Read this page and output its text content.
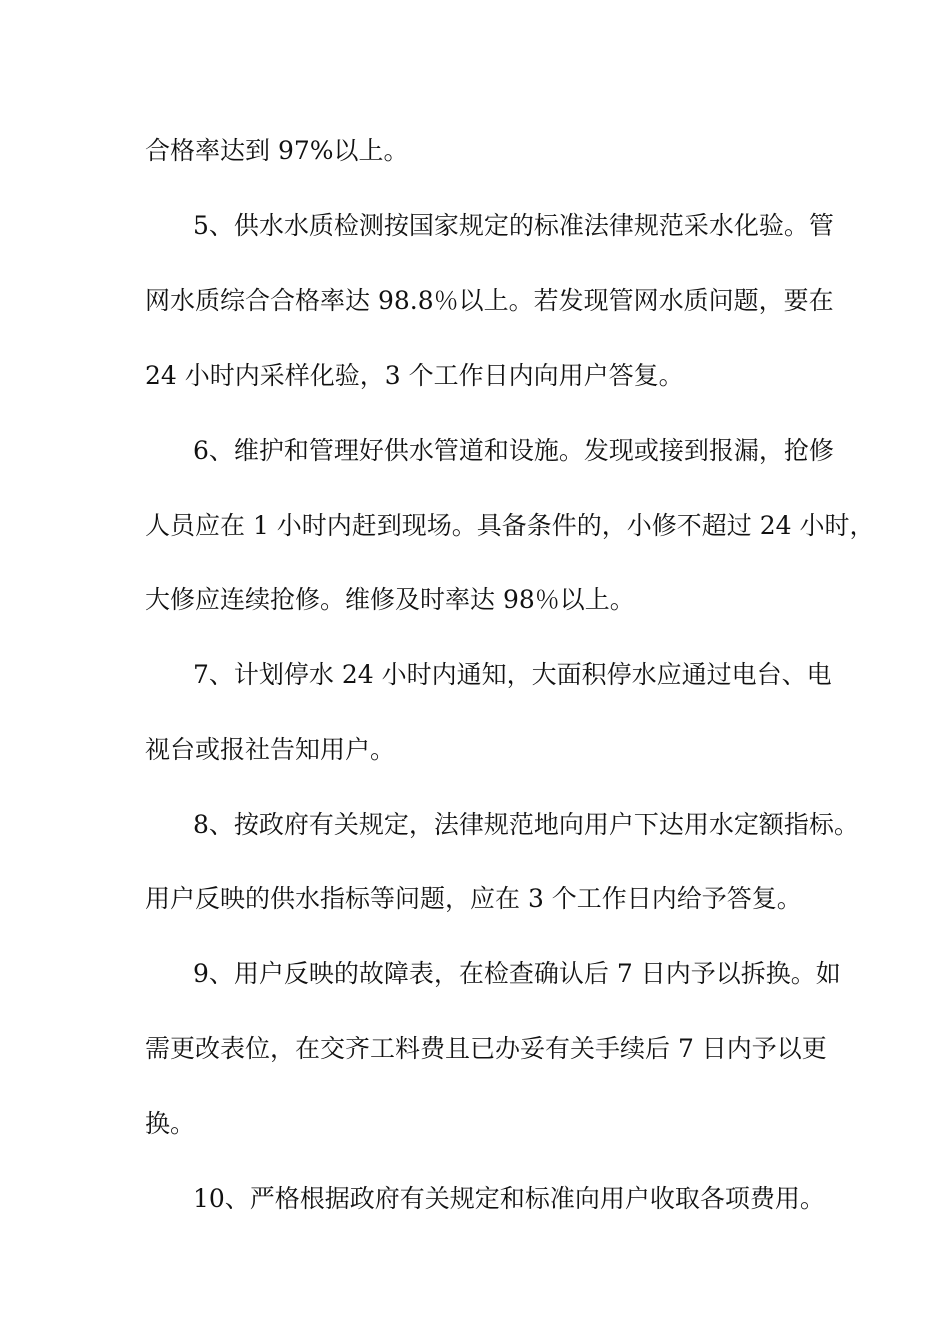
合格率达到 97%以上。
5、供水水质检测按国家规定的标准法律规范采水化验。管
网水质综合合格率达 98.8％以上。若发现管网水质问题，要在
24 小时内采样化验，3 个工作日内向用户答复。
6、维护和管理好供水管道和设施。发现或接到报漏，抢修
人员应在 1 小时内赶到现场。具备条件的，小修不超过 24 小时，
大修应连续抢修。维修及时率达 98％以上。
7、计划停水 24 小时内通知，大面积停水应通过电台、电
视台或报社告知用户。
8、按政府有关规定，法律规范地向用户下达用水定额指标。
用户反映的供水指标等问题，应在 3 个工作日内给予答复。
9、用户反映的故障表，在检查确认后 7 日内予以拆换。如
需更改表位，在交齐工料费且已办妥有关手续后 7 日内予以更
换。
10、严格根据政府有关规定和标准向用户收取各项费用。
